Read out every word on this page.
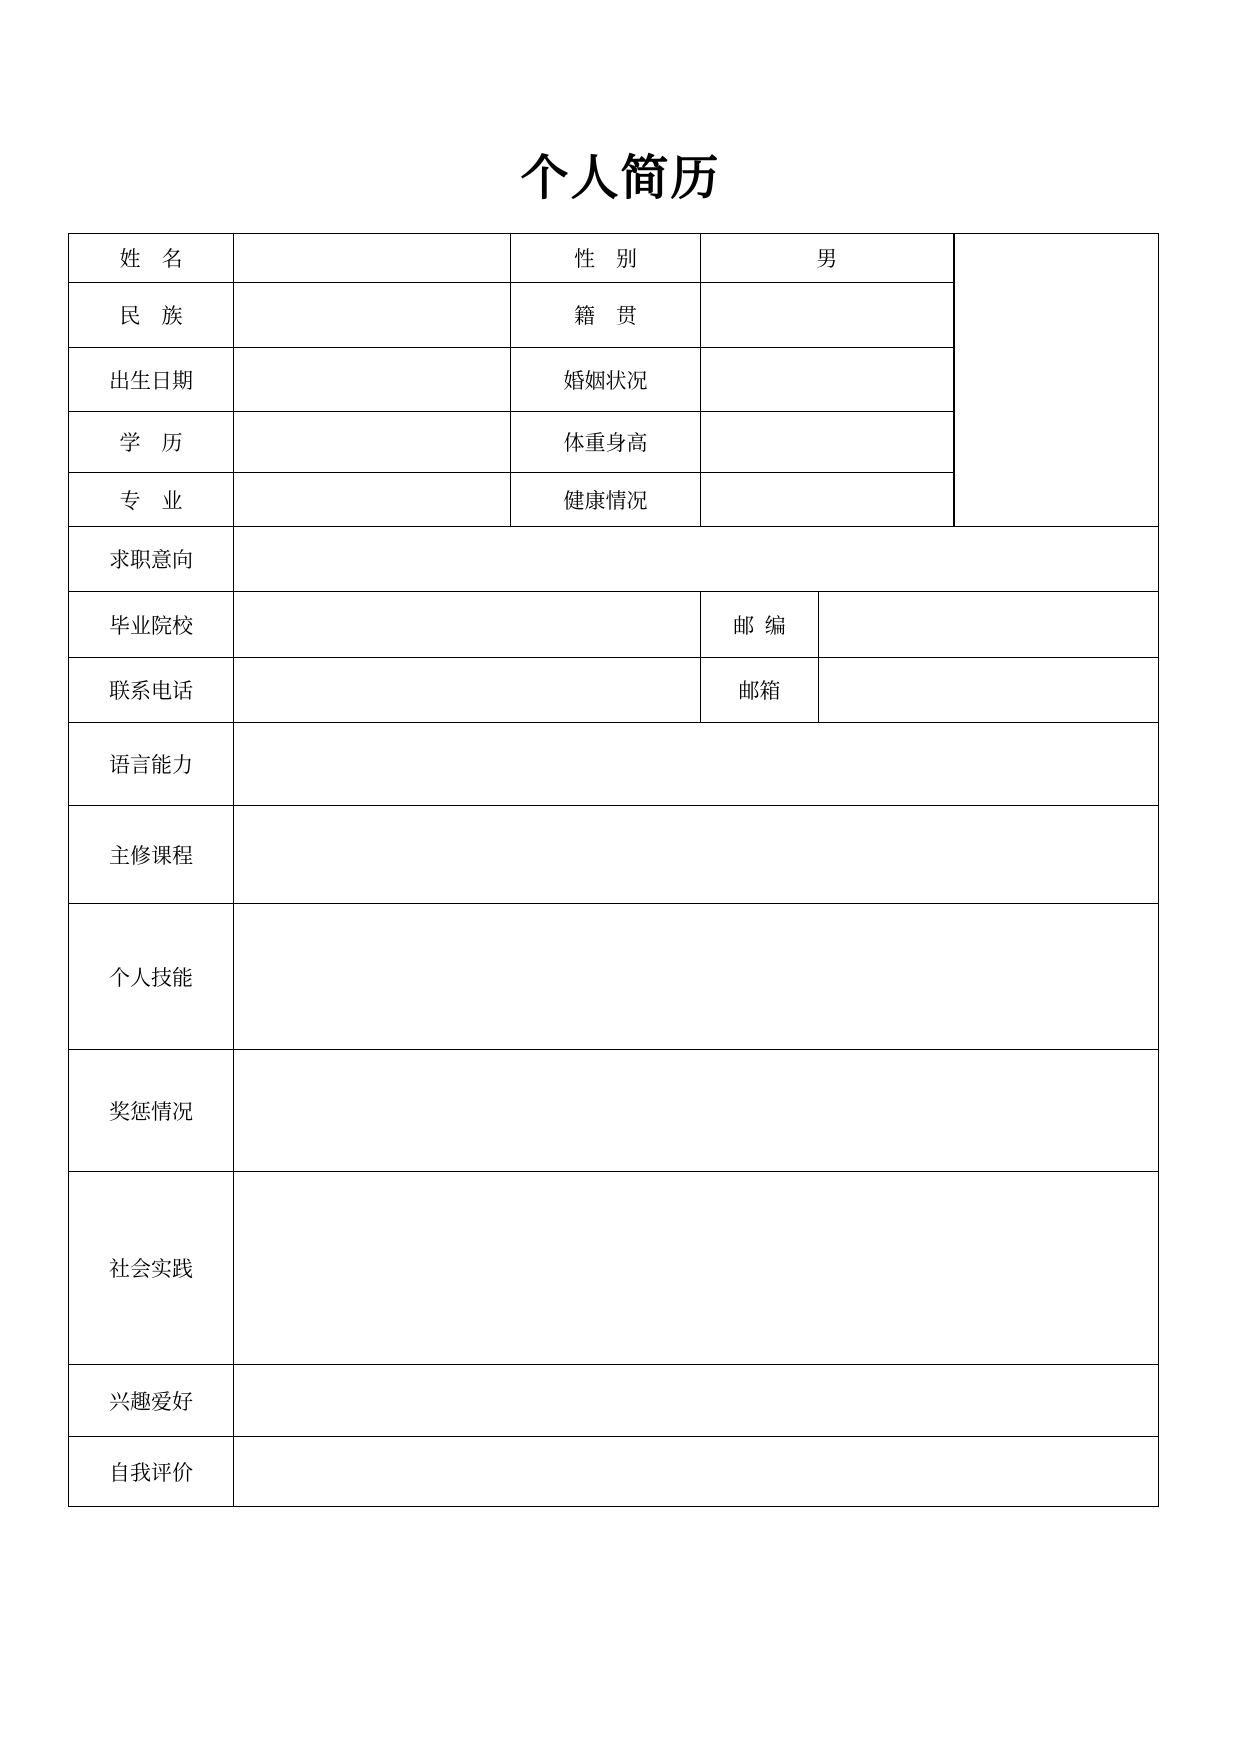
个人简历
姓名		性别	男		
民族		籍贯			
出生日期		婚姻状况			
学历		体重身高			
专业		健康情况			
求职意向					
毕业院校			邮编		
联系电话			邮箱		
语言能力					
主修课程					
个人技能					
奖惩情况					
社会实践					
兴趣爱好					
自我评价					
